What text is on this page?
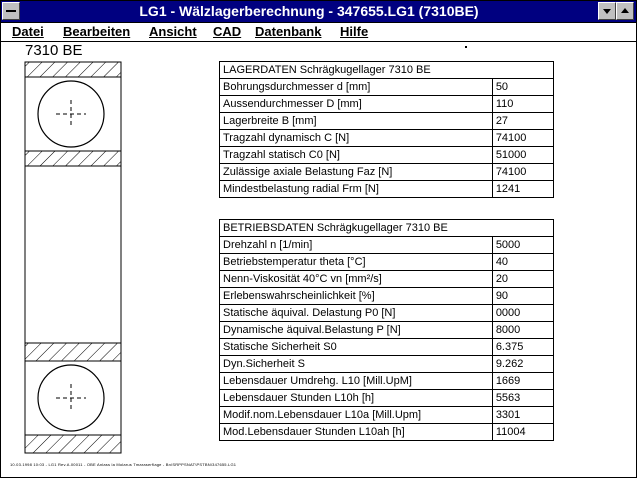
LG1 - Wälzlagerberechnung - 347655.LG1 (7310BE)
Datei Bearbeiten Ansicht CAD Datenbank Hilfe
7310 BE
LAGERDATEN Schrägkugellager 7310 BE	
Bohrungsdurchmesser d [mm]	50
Aussendurchmesser D [mm]	110
Lagerbreite B [mm]	27
Tragzahl dynamisch C [N]	74100
Tragzahl statisch C0 [N]	51000
Zulässige axiale Belastung Faz [N]	74100
Mindestbelastung radial Frm [N]	1241
BETRIEBSDATEN Schrägkugellager 7310 BE	
Drehzahl n [1/min]	5000
Betriebstemperatur theta [°C]	40
Nenn-Viskosität 40°C vn [mm²/s]	20
Erlebenswahrscheinlichkeit [%]	90
Statische äquival. Delastung P0 [N]	0000
Dynamische äquival.Belastung P [N]	8000
Statische Sicherheit S0	6.375
Dyn.Sicherheit S	9.262
Lebensdauer Umdrehg. L10 [Mill.UpM]	1669
Lebensdauer Stunden L10h [h]	5563
Modif.nom.Lebensdauer L10a [Mill.Upm]	3301
Mod.Lebensdauer Stunden L10ah [h]	11004
10.03.1998 10:03 - LG1 Rev.A.00011 - OBE Anlass la Molarus Tmaraserflage - Bn\SRPPSNAT\PSTBN\347655.LG1
